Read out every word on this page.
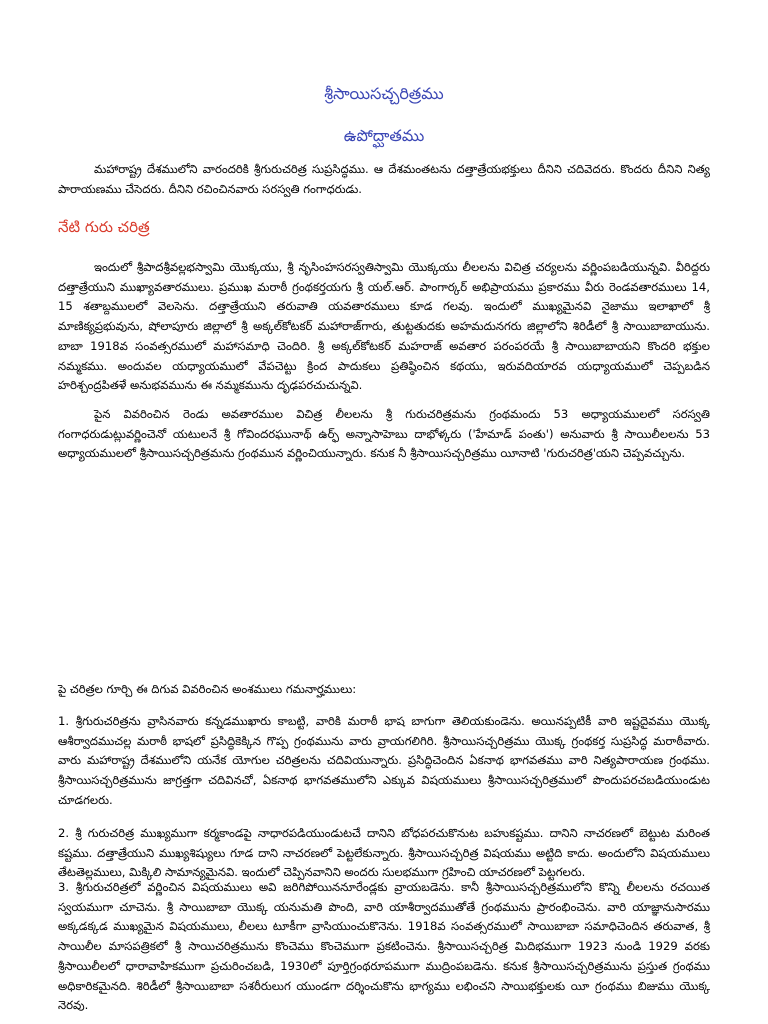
శ్రీసాయిసచ్చరిత్రము
ఉపోద్ఘాతము
మహారాష్ట్ర దేశములోని వారందరికి శ్రీగురుచరిత్ర సుప్రసిద్ధము. ఆ దేశమంతటను దత్తాత్రేయభక్తులు దీనిని చదివెదరు. కొందరు దీనిని నిత్య పారాయణము చేసెదరు. దీనిని రచించినవారు సరస్వతి గంగాధరుడు.
నేటి గురు చరిత్ర
ఇందులో శ్రీపాదశ్రీవల్లభస్వామి యొక్కయు, శ్రీ నృసింహసరస్వతిస్వామి యొక్కయు లీలలను విచిత్ర చర్యలను వర్ణింపబడియున్నవి. వీరిద్దరు దత్తాత్రేయుని ముఖ్యావతారములు. ప్రముఖ మరాఠీ గ్రంథకర్తయగు శ్రీ యల్.ఆర్. పాంగార్కర్ అభిప్రాయము ప్రకారము వీరు రెండవతారములు 14, 15 శతాబ్దములలో వెలసెను. దత్తాత్రేయుని తరువాతి యవతారములు కూడ గలవు. ఇందులో ముఖ్యమైనవి నైజాము ఇలాఖాలో శ్రీ మాణిక్యప్రభువును, షోలాపూరు జిల్లాలో శ్రీ అక్కల్‌కోటకర్ మహారాజ్‌గారు, తుట్టతుదకు అహమదునగరు జిల్లాలోని శిరిడీలో శ్రీ సాయిబాబాయును. బాబా 1918వ సంవత్సరములో మహాసమాధి చెందిరి. శ్రీ అక్కల్‌కోటకర్ మహరాజ్ అవతార పరంపరయే శ్రీ సాయిబాబాయని కొందరి భక్తుల నమ్మకము. అందువల యధ్యాయములో వేపచెట్టు క్రింద పాదుకలు ప్రతిష్ఠించిన కథయు, ఇరువదియారవ యధ్యాయములో చెప్పబడిన హరిశ్చంద్రపితళే అనుభవమును ఈ నమ్మకమును దృఢపరచుచున్నవి.
పైన వివరించిన రెండు అవతారముల విచిత్ర లీలలను శ్రీ గురుచరిత్రమను గ్రంథమందు 53 అధ్యాయములలో సరస్వతి గంగాధరుడుట్లువర్ణించెనో యటులనే శ్రీ గోవిందరఘునాథ్ ఉర్ఫ్ అన్నాసాహెబు దాభోళ్కరు ('హేమాడ్ పంతు') అనువారు శ్రీ సాయిలీలలను 53 అధ్యాయములలో శ్రీసాయిసచ్చరిత్రమను గ్రంథమున వర్ణించియున్నారు. కనుక నీ శ్రీసాయిసచ్చరిత్రము యీనాటి 'గురుచరిత్ర'యని చెప్పవచ్చును.
పై చరిత్రల గూర్చి ఈ దిగువ వివరించిన అంశములు గమనార్హములు:
1. శ్రీగురుచరిత్రను వ్రాసినవారు కన్నడముఖారు కాబట్టి, వారికి మరాఠీ భాష బాగుగా తెలియకుండెను. అయినప్పటికీ వారి ఇష్టదైవము యొక్క ఆశీర్వాదముచల్ల మరాఠీ భాషలో ప్రసిద్ధికెక్కిన గొప్ప గ్రంథమును వారు వ్రాయగలిగిరి. శ్రీసాయిసచ్చరిత్రము యొక్క గ్రంథకర్త సుప్రసిద్ధ మరాఠీవారు. వారు మహారాష్ట్ర దేశములోని యనేక యోగుల చరిత్రలను చదివియున్నారు. ప్రసిద్ధిచెందిన ఏకనాథ భాగవతము వారి నిత్యపారాయణ గ్రంథము. శ్రీసాయిసచ్చరిత్రమును జాగ్రత్తగా చదివినచో, ఏకనాథ భాగవతములోని ఎక్కువ విషయములు శ్రీసాయిసచ్చరిత్రములో పొందుపరచబడియుండుట చూడగలరు.
2. శ్రీ గురుచరిత్ర ముఖ్యముగా కర్మకాండపై నాధారపడియుండుటచే దానిని బోధపరచుకొనుట బహుకష్టము. దానిని నాచరణలో బెట్టుట మరింత కష్టము. దత్తాత్రేయుని ముఖ్యశిష్యులు గూడ దాని నాచరణలో పెట్టలేకున్నారు. శ్రీసాయిసచ్చరిత్ర విషయము అట్టిది కాదు. అందులోని విషయములు తేటతెల్లములు, మిక్కిలి సామాన్యమైనవి. ఇందులో చెప్పినవానిని అందరు సులభముగా గ్రహించి యాచరణలో పెట్టగలరు.
3. శ్రీగురుచరిత్రలో వర్ణించిన విషయములు అవి జరిగిపోయిననూరేండ్లకు వ్రాయబడెను. కానీ శ్రీసాయిసచ్చరిత్రములోని కొన్ని లీలలను రచయిత స్వయముగా చూచెను. శ్రీ సాయిబాబా యొక్క యనుమతి పొంది, వారి యాశీర్వాదముతోతే గ్రంథమును ప్రారంభించెను. వారి యాజ్ఞానుసారము అక్కడక్కడ ముఖ్యమైన విషయములు, లీలలు టూకీగా వ్రాసియుంచుకొనెను. 1918వ సంవత్సరములో సాయిబాబా సమాధిచెందిన తరువాత, శ్రీ సాయిలీల మాసపత్రికలో శ్రీ సాయిచరిత్రమును కొంచెము కొంచెముగా ప్రకటించెను. శ్రీసాయిసచ్చరిత్ర మిదిభముగా 1923 నుండి 1929 వరకు శ్రీసాయిలీలలో ధారావాహికముగా ప్రచురించబడి, 1930లో పూర్తిగ్రంథరూపముగా ముద్రింపబడెను. కనుక శ్రీసాయిసచ్చరిత్రమును ప్రస్తుత గ్రంథము అధికారికమైనది. శిరిడీలో శ్రీసాయిబాబా సశరీరులుగ యుండగా దర్శించుకొను భాగ్యము లభించని సాయిభక్తులకు యీ గ్రంథము బిజుము యొక్క నెరవు.
